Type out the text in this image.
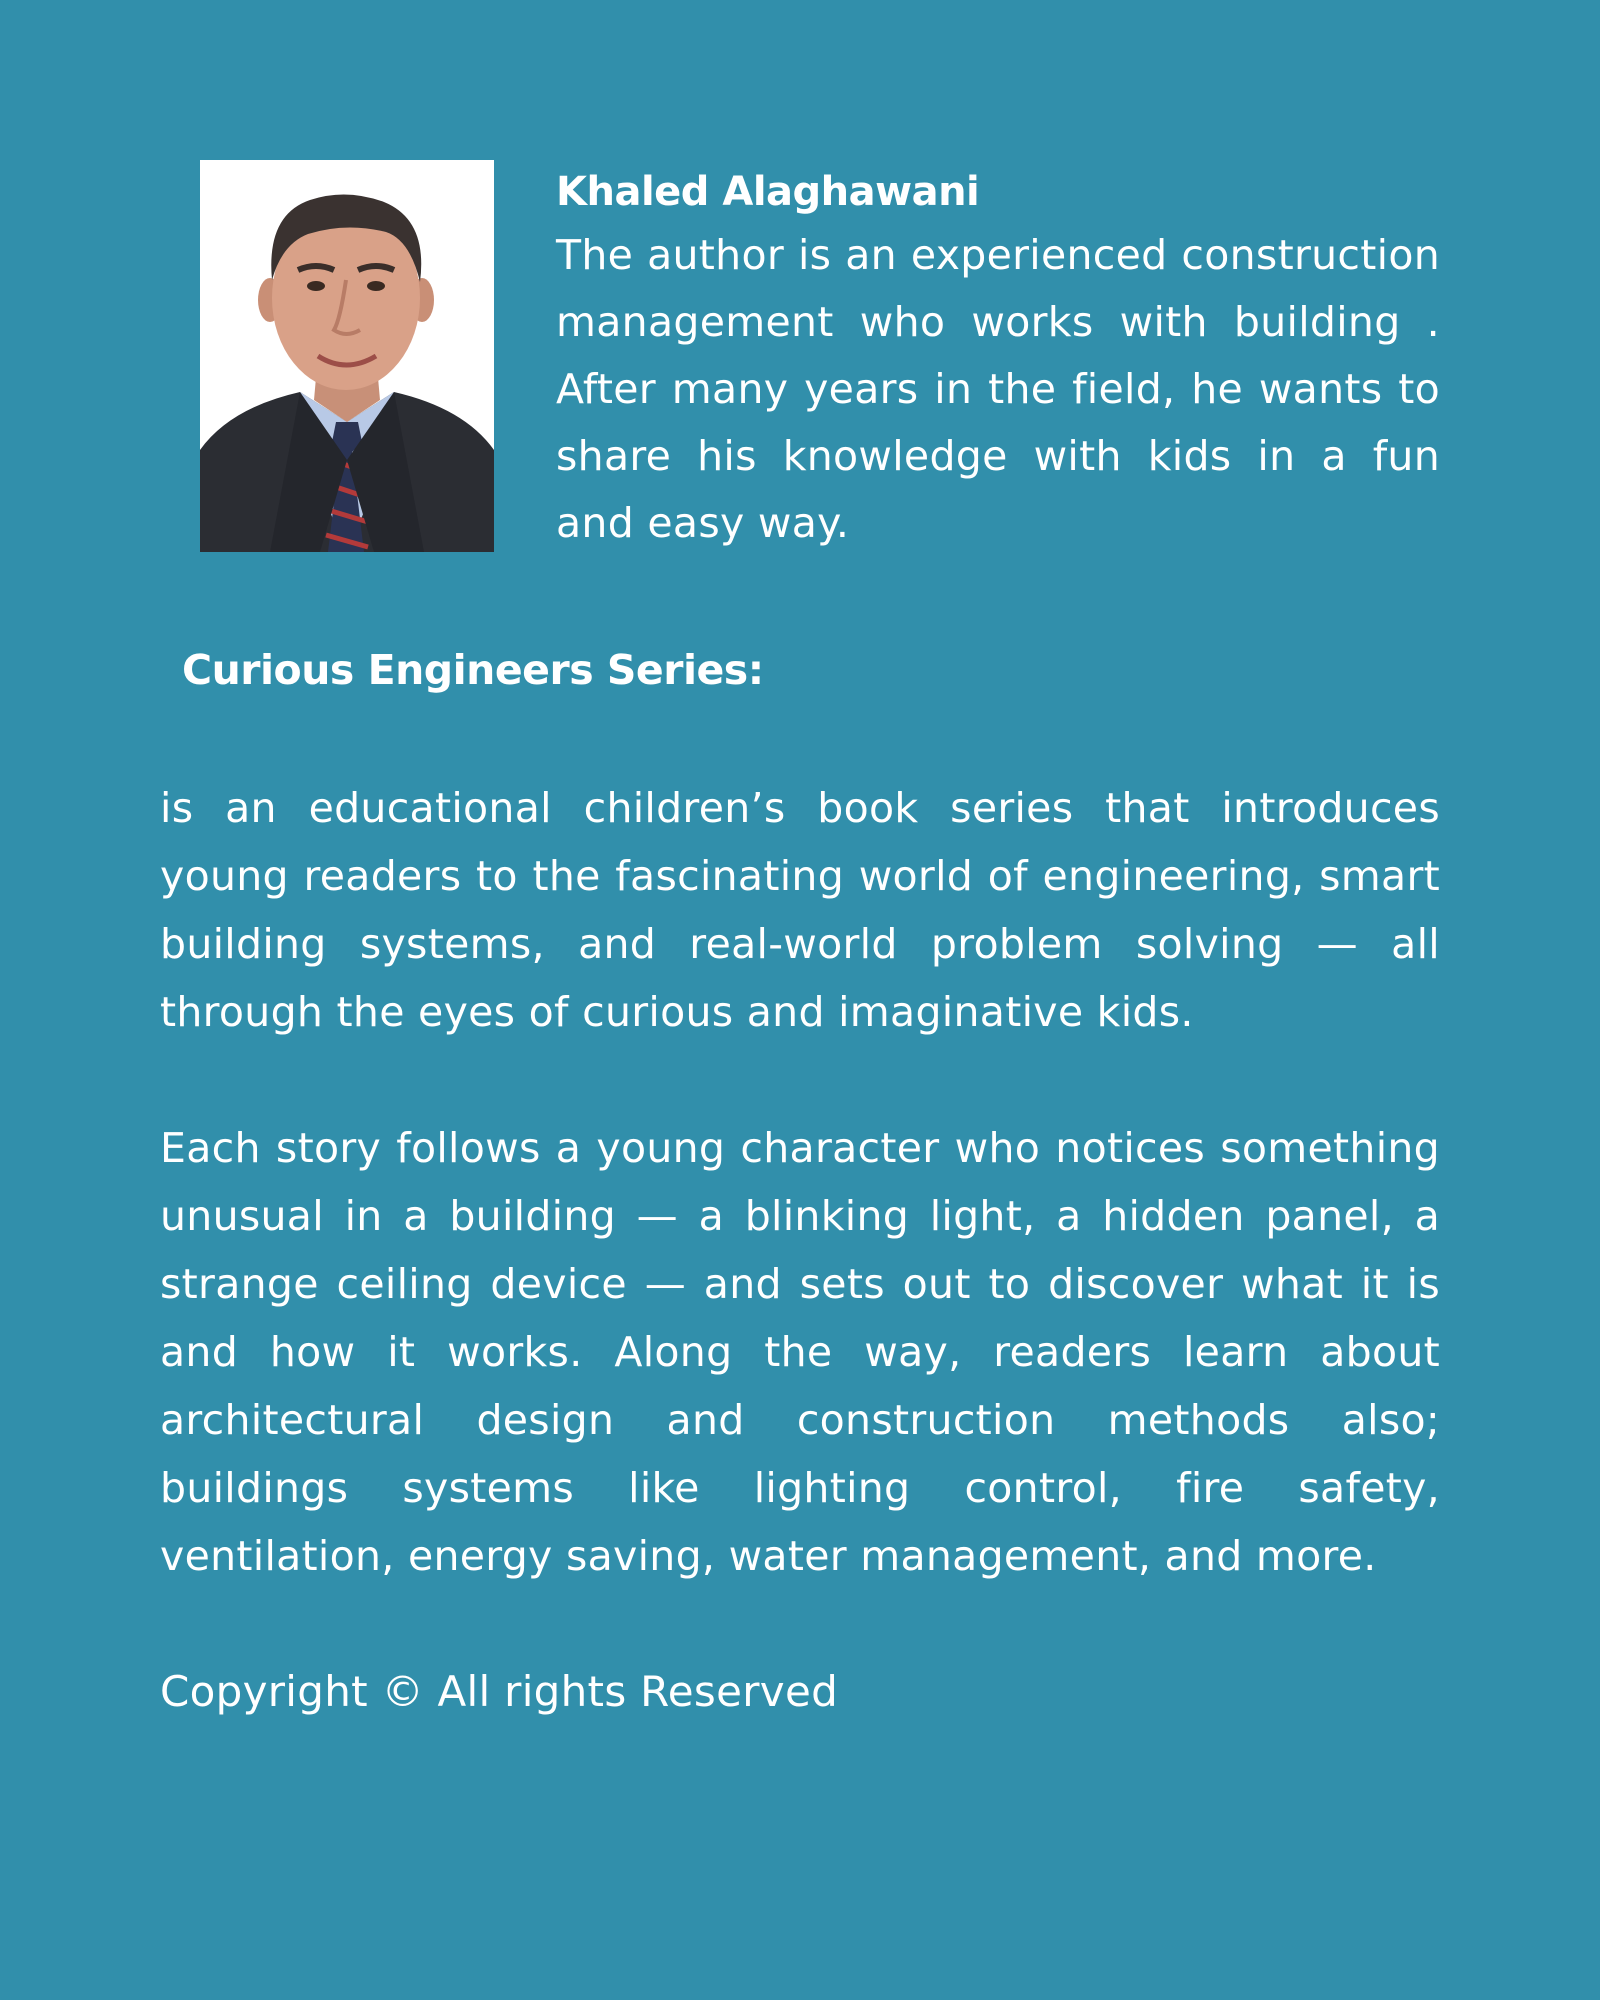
Khaled Alaghawani

The author is an experienced construction management who works with building . After many years in the field, he wants to share his knowledge with kids in a fun and easy way.

Curious Engineers Series:

is an educational children’s book series that introduces young readers to the fascinating world of engineering, smart building systems, and real-world problem solving — all through the eyes of curious and imaginative kids.

Each story follows a young character who notices something unusual in a building — a blinking light, a hidden panel, a strange ceiling device — and sets out to discover what it is and how it works. Along the way, readers learn about architectural design and construction methods also; buildings systems like lighting control, fire safety, ventilation, energy saving, water management, and more.

Copyright © All rights Reserved
